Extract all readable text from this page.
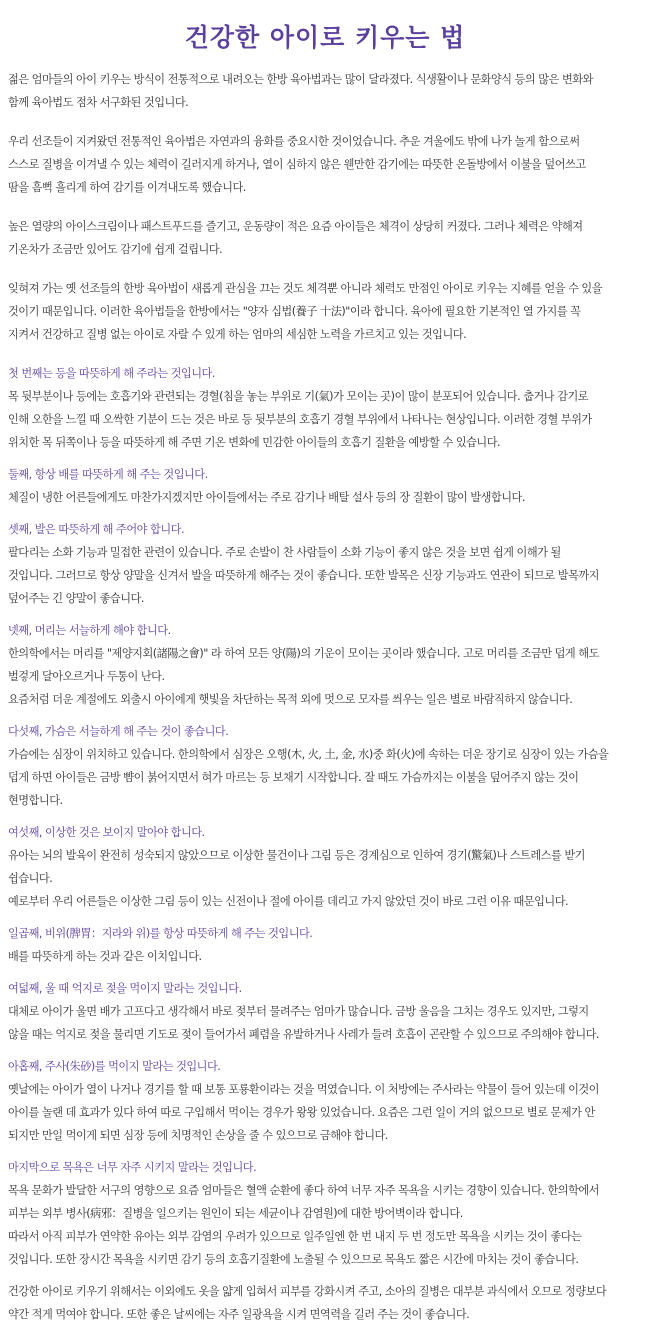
건강한 아이로 키우는 법

젊은 엄마들의 아이 키우는 방식이 전통적으로 내려오는 한방 육아법과는 많이 달라졌다. 식생활이나 문화양식 등의 많은 변화와
함께 육아법도 점차 서구화된 것입니다.

우리 선조들이 지켜왔던 전통적인 육아법은 자연과의 융화를 중요시한 것이었습니다. 추운 겨울에도 밖에 나가 놀게 함으로써
스스로 질병을 이겨낼 수 있는 체력이 길러지게 하거나, 열이 심하지 않은 웬만한 감기에는 따뜻한 온돌방에서 이불을 덮어쓰고
땀을 흠뻑 흘리게 하여 감기를 이겨내도록 했습니다.

높은 열량의 아이스크림이나 패스트푸드를 즐기고, 운동량이 적은 요즘 아이들은 체격이 상당히 커졌다. 그러나 체력은 약해져
기온차가 조금만 있어도 감기에 쉽게 걸립니다.

잊혀져 가는 옛 선조들의 한방 육아법이 새롭게 관심을 끄는 것도 체격뿐 아니라 체력도 만점인 아이로 키우는 지혜를 얻을 수 있을
것이기 때문입니다. 이러한 육아법들을 한방에서는 "양자 십법(養子 十法)"이라 합니다. 육아에 필요한 기본적인 열 가지를 꼭
지켜서 건강하고 질병 없는 아이로 자랄 수 있게 하는 엄마의 세심한 노력을 가르치고 있는 것입니다.

첫 번째는 등을 따뜻하게 해 주라는 것입니다.
목 뒷부분이나 등에는 호흡기와 관련되는 경혈(침을 놓는 부위로 기(氣)가 모이는 곳)이 많이 분포되어 있습니다. 춥거나 감기로
인해 오한을 느낄 때 오싹한 기분이 드는 것은 바로 등 뒷부분의 호흡기 경혈 부위에서 나타나는 현상입니다. 이러한 경혈 부위가
위치한 목 뒤쪽이나 등을 따뜻하게 해 주면 기온 변화에 민감한 아이들의 호흡기 질환을 예방할 수 있습니다.
둘째, 항상 배를 따뜻하게 해 주는 것입니다.
체질이 냉한 어른들에게도 마찬가지겠지만 아이들에서는 주로 감기나 배탈 설사 등의 장 질환이 많이 발생합니다.
셋째, 발은 따뜻하게 해 주어야 합니다.
팔다리는 소화 기능과 밀접한 관련이 있습니다. 주로 손발이 찬 사람들이 소화 기능이 좋지 않은 것을 보면 쉽게 이해가 될
것입니다. 그러므로 항상 양말을 신겨서 발을 따뜻하게 해주는 것이 좋습니다. 또한 발목은 신장 기능과도 연관이 되므로 발목까지
덮어주는 긴 양말이 좋습니다.
넷째, 머리는 서늘하게 해야 합니다.
한의학에서는 머리를 "제양지회(諸陽之會)" 라 하여 모든 양(陽)의 기운이 모이는 곳이라 했습니다. 고로 머리를 조금만 덥게 해도
벌겋게 달아오르거나 두통이 난다.
요즘처럼 더운 계절에도 외출시 아이에게 햇빛을 차단하는 목적 외에 멋으로 모자를 씌우는 일은 별로 바람직하지 않습니다.
다섯째, 가슴은 서늘하게 해 주는 것이 좋습니다.
가슴에는 심장이 위치하고 있습니다. 한의학에서 심장은 오행(木, 火, 土, 金, 水)중 화(火)에 속하는 더운 장기로 심장이 있는 가슴을
덥게 하면 아이들은 금방 뺨이 붉어지면서 혀가 마르는 등 보채기 시작합니다. 잘 때도 가슴까지는 이불을 덮어주지 않는 것이
현명합니다.
여섯째, 이상한 것은 보이지 말아야 합니다.
유아는 뇌의 발육이 완전히 성숙되지 않았으므로 이상한 물건이나 그림 등은 경계심으로 인하여 경기(驚氣)나 스트레스를 받기
쉽습니다.
예로부터 우리 어른들은 이상한 그림 등이 있는 신전이나 절에 아이를 데리고 가지 않았던 것이 바로 그런 이유 때문입니다.
일곱째, 비위(脾胃：지라와 위)를 항상 따뜻하게 해 주는 것입니다.
배를 따뜻하게 하는 것과 같은 이치입니다.
여덟째, 울 때 억지로 젖을 먹이지 말라는 것입니다.
대체로 아이가 울면 배가 고프다고 생각해서 바로 젖부터 물려주는 엄마가 많습니다. 금방 울음을 그치는 경우도 있지만, 그렇지
않을 때는 억지로 젖을 물리면 기도로 젖이 들어가서 폐렴을 유발하거나 사레가 들려 호흡이 곤란할 수 있으므로 주의해야 합니다.
아홉째, 주사(朱砂)를 먹이지 말라는 것입니다.
옛날에는 아이가 열이 나거나 경기를 할 때 보통 포룡환이라는 것을 먹였습니다. 이 처방에는 주사라는 약물이 들어 있는데 이것이
아이를 놀랜 데 효과가 있다 하여 따로 구입해서 먹이는 경우가 왕왕 있었습니다. 요즘은 그런 일이 거의 없으므로 별로 문제가 안
되지만 만일 먹이게 되면 심장 등에 치명적인 손상을 줄 수 있으므로 금해야 합니다.
마지막으로 목욕은 너무 자주 시키지 말라는 것입니다.
목욕 문화가 발달한 서구의 영향으로 요즘 엄마들은 혈액 순환에 좋다 하여 너무 자주 목욕을 시키는 경향이 있습니다. 한의학에서
피부는 외부 병사(病邪：질병을 일으키는 원인이 되는 세균이나 감염원)에 대한 방어벽이라 합니다.
따라서 아직 피부가 연약한 유아는 외부 감염의 우려가 있으므로 일주일엔 한 번 내지 두 번 정도만 목욕을 시키는 것이 좋다는
것입니다. 또한 장시간 목욕을 시키면 감기 등의 호흡기질환에 노출될 수 있으므로 목욕도 짧은 시간에 마치는 것이 좋습니다.

건강한 아이로 키우기 위해서는 이외에도 옷을 얇게 입혀서 피부를 강화시켜 주고, 소아의 질병은 대부분 과식에서 오므로 정량보다
약간 적게 먹여야 합니다. 또한 좋은 날씨에는 자주 일광욕을 시켜 면역력을 길러 주는 것이 좋습니다.
